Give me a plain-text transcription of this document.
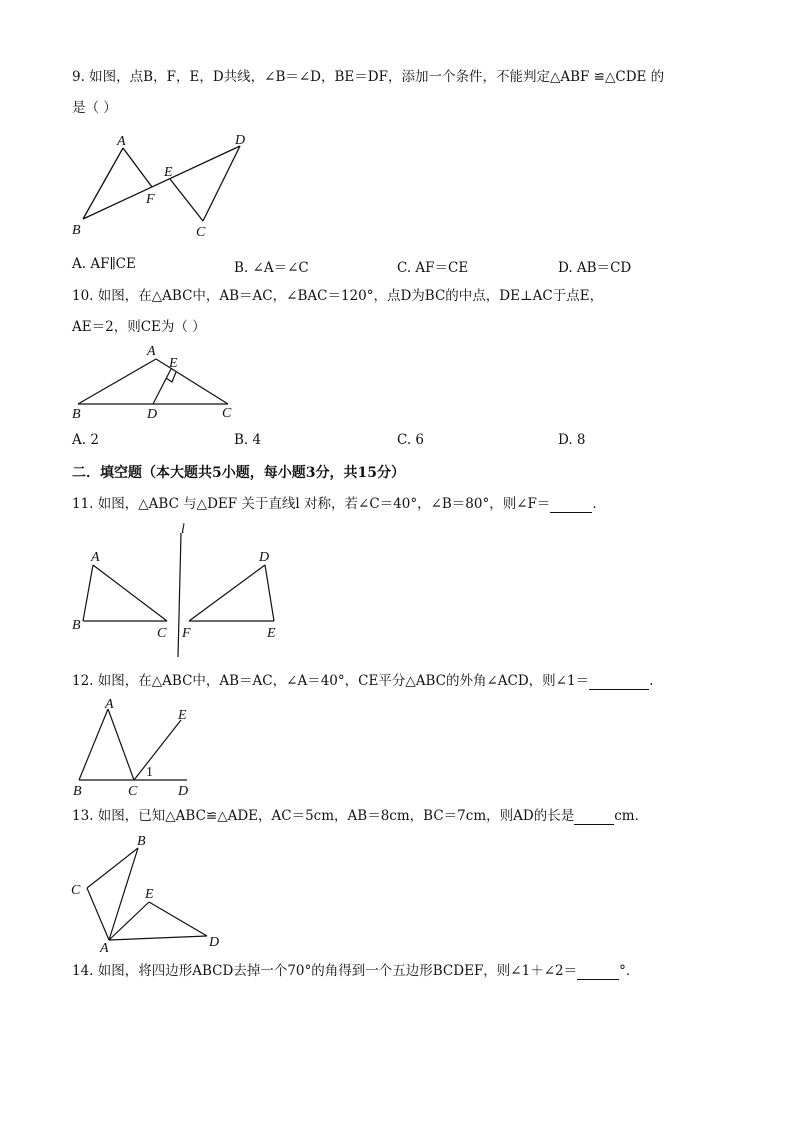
9. 如图，点B，F，E，D共线，∠B＝∠D，BE＝DF，添加一个条件，不能判定△ABF ≌△CDE 的
是（ ）
A	D
E
F
B	C
A. AF∥CE	B. ∠A＝∠C	C. AF＝CE	D. AB＝CD
10. 如图，在△ABC中，AB＝AC，∠BAC＝120°，点D为BC的中点，DE⊥AC于点E，
AE＝2，则CE为（ ）
A
E
B	D	C
A. 2	B. 4	C. 6	D. 8
二．填空题（本大题共5小题，每小题3分，共15分）
11. 如图，△ABC 与△DEF 关于直线l 对称，若∠C＝40°，∠B＝80°，则∠F＝	.
l
A
B
C
D
F	E
12. 如图，在△ABC中，AB＝AC，∠A＝40°，CE平分△ABC的外角∠ACD，则∠1＝	.
A
E
1
B	C	D
13. 如图，已知△ABC≌△ADE，AC＝5cm，AB＝8cm，BC＝7cm，则AD的长是	cm．
B
C	E
D
A
14. 如图，将四边形ABCD去掉一个70°的角得到一个五边形BCDEF，则∠1＋∠2＝	°．
